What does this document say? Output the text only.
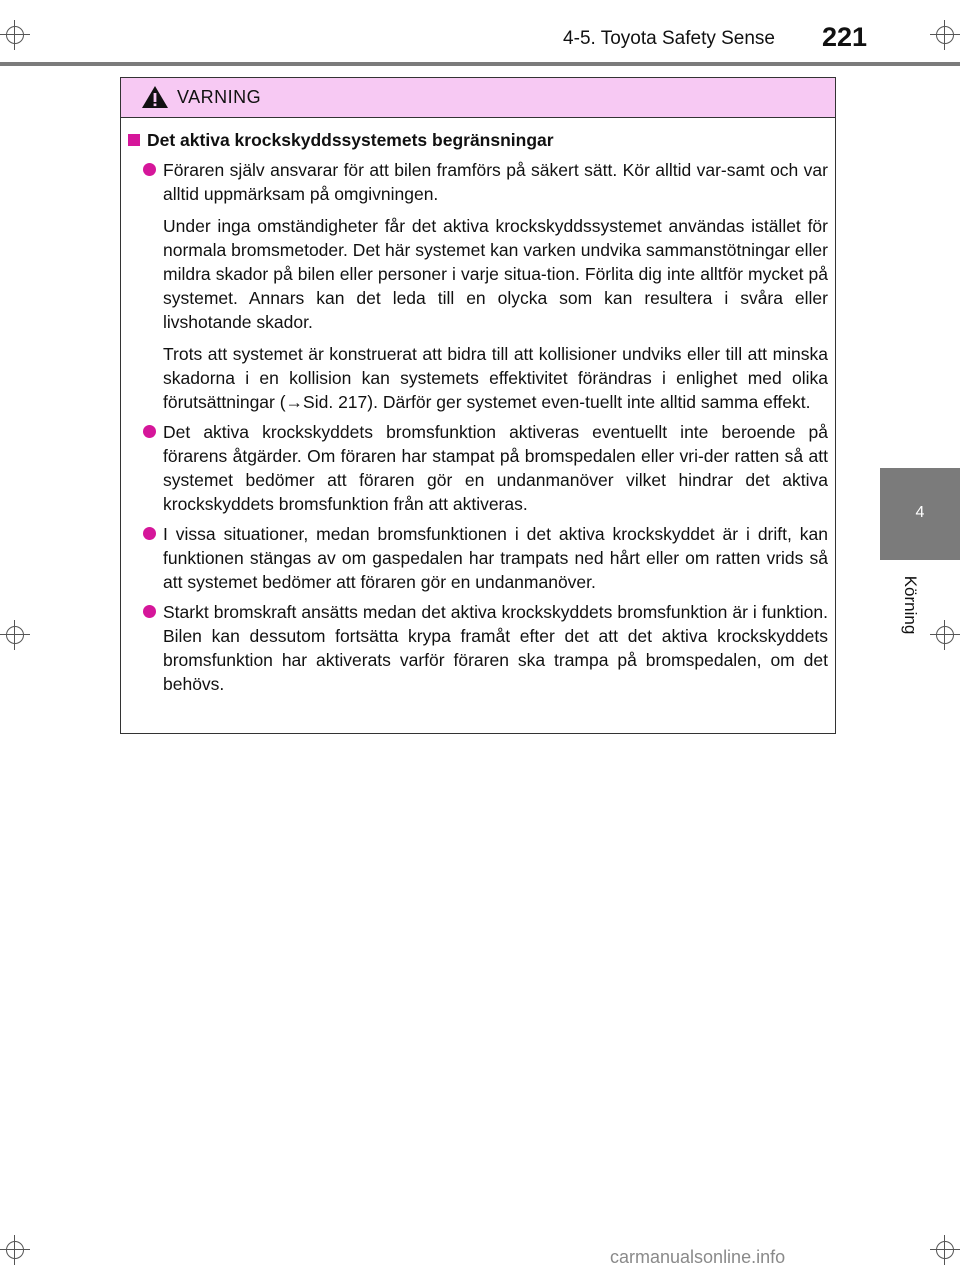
4-5. Toyota Safety Sense	221
4
Körning
VARNING
Det aktiva krockskyddssystemets begränsningar
Föraren själv ansvarar för att bilen framförs på säkert sätt. Kör alltid var-samt och var alltid uppmärksam på omgivningen.
Under inga omständigheter får det aktiva krockskyddssystemet användas istället för normala bromsmetoder. Det här systemet kan varken undvika sammanstötningar eller mildra skador på bilen eller personer i varje situa-tion. Förlita dig inte alltför mycket på systemet. Annars kan det leda till en olycka som kan resultera i svåra eller livshotande skador.
Trots att systemet är konstruerat att bidra till att kollisioner undviks eller till att minska skadorna i en kollision kan systemets effektivitet förändras i enlighet med olika förutsättningar (→Sid. 217). Därför ger systemet even-tuellt inte alltid samma effekt.
Det aktiva krockskyddets bromsfunktion aktiveras eventuellt inte beroende på förarens åtgärder. Om föraren har stampat på bromspedalen eller vri-der ratten så att systemet bedömer att föraren gör en undanmanöver vilket hindrar det aktiva krockskyddets bromsfunktion från att aktiveras.
I vissa situationer, medan bromsfunktionen i det aktiva krockskyddet är i drift, kan funktionen stängas av om gaspedalen har trampats ned hårt eller om ratten vrids så att systemet bedömer att föraren gör en undanmanöver.
Starkt bromskraft ansätts medan det aktiva krockskyddets bromsfunktion är i funktion. Bilen kan dessutom fortsätta krypa framåt efter det att det aktiva krockskyddets bromsfunktion har aktiverats varför föraren ska trampa på bromspedalen, om det behövs.
carmanualsonline.info
